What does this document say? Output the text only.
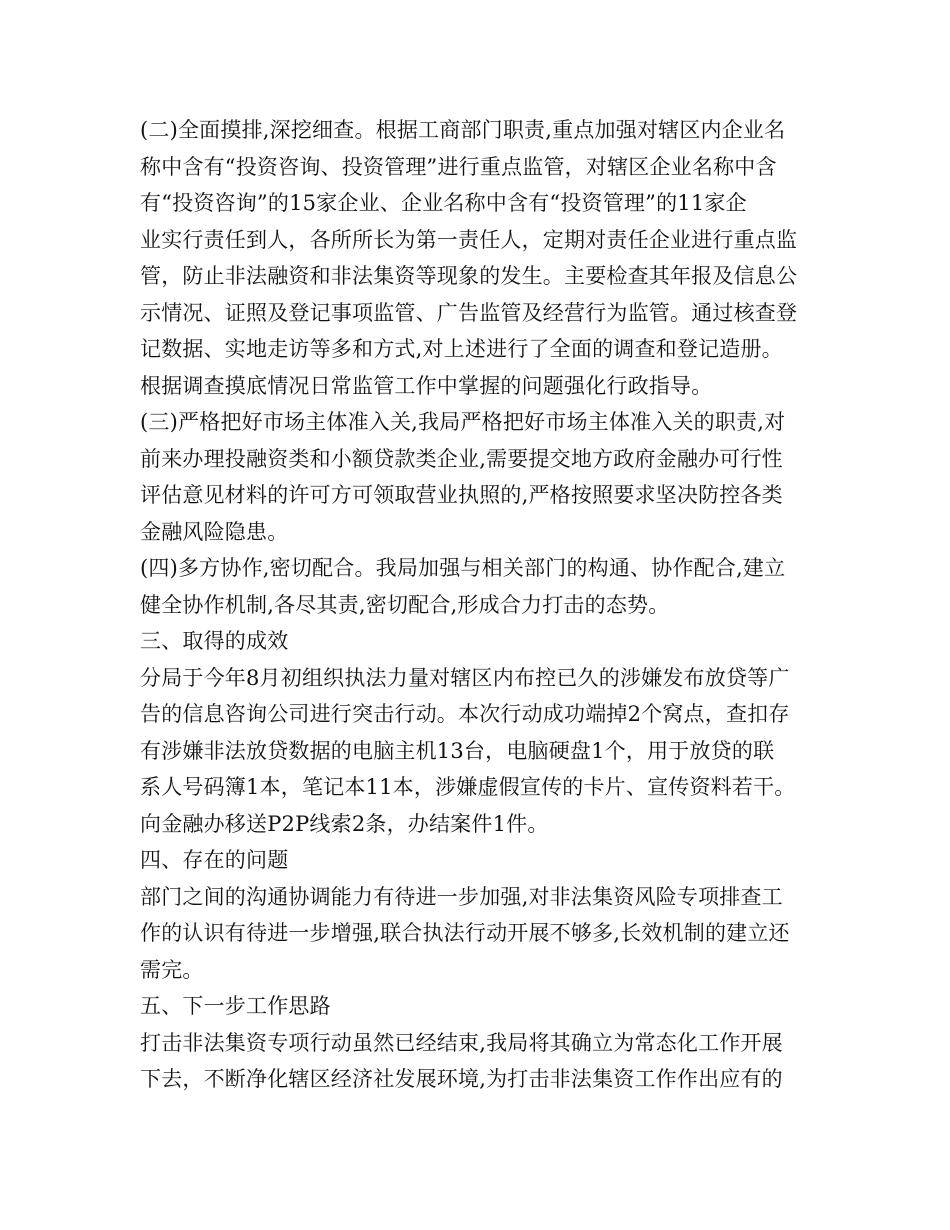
(二)全面摸排,深挖细查。根据工商部门职责,重点加强对辖区内企业名
称中含有“投资咨询、投资管理”进行重点监管，对辖区企业名称中含
有“投资咨询”的15家企业、企业名称中含有“投资管理”的11家企
业实行责任到人，各所所长为第一责任人，定期对责任企业进行重点监
管，防止非法融资和非法集资等现象的发生。主要检查其年报及信息公
示情况、证照及登记事项监管、广告监管及经营行为监管。通过核查登
记数据、实地走访等多和方式,对上述进行了全面的调查和登记造册。
根据调查摸底情况日常监管工作中掌握的问题强化行政指导。
(三)严格把好市场主体准入关,我局严格把好市场主体准入关的职责,对
前来办理投融资类和小额贷款类企业,需要提交地方政府金融办可行性
评估意见材料的许可方可领取营业执照的,严格按照要求坚决防控各类
金融风险隐患。
(四)多方协作,密切配合。我局加强与相关部门的构通、协作配合,建立
健全协作机制,各尽其责,密切配合,形成合力打击的态势。
三、取得的成效
分局于今年8月初组织执法力量对辖区内布控已久的涉嫌发布放贷等广
告的信息咨询公司进行突击行动。本次行动成功端掉2个窝点，查扣存
有涉嫌非法放贷数据的电脑主机13台，电脑硬盘1个，用于放贷的联
系人号码簿1本，笔记本11本，涉嫌虚假宣传的卡片、宣传资料若干。
向金融办移送P2P线索2条，办结案件1件。
四、存在的问题
部门之间的沟通协调能力有待进一步加强,对非法集资风险专项排查工
作的认识有待进一步增强,联合执法行动开展不够多,长效机制的建立还
需完。
五、下一步工作思路
打击非法集资专项行动虽然已经结束,我局将其确立为常态化工作开展
下去，不断净化辖区经济社发展环境,为打击非法集资工作作出应有的
